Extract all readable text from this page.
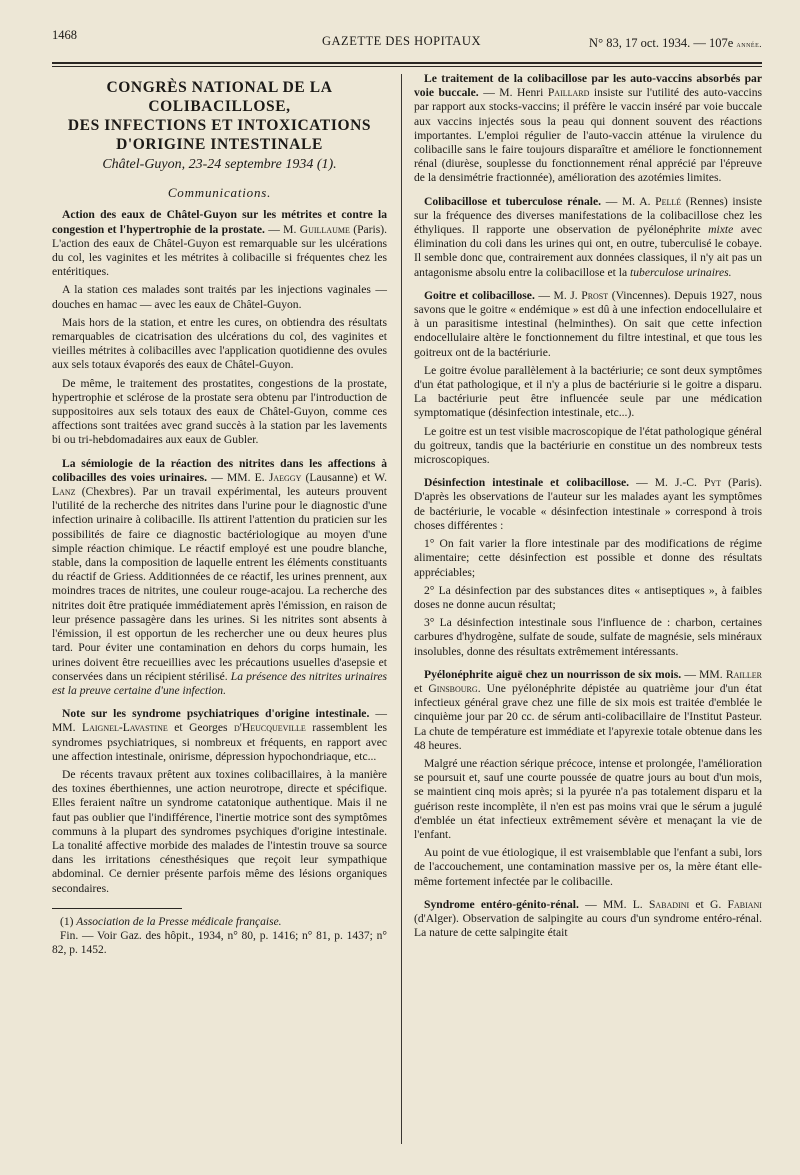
1468	GAZETTE DES HOPITAUX	N° 83, 17 oct. 1934. — 107e année.
CONGRÈS NATIONAL DE LA COLIBACILLOSE,
DES INFECTIONS ET INTOXICATIONS
D'ORIGINE INTESTINALE

Châtel-Guyon, 23-24 septembre 1934 (1).

Communications.

Action des eaux de Châtel-Guyon sur les métrites et contre la congestion et l'hypertrophie de la prostate. — M. Guillaume (Paris). L'action des eaux de Châtel-Guyon est remarquable sur les ulcérations du col, les vaginites et les métrites à colibacille si fréquentes chez les entéritiques.

A la station ces malades sont traités par les injections vaginales — douches en hamac — avec les eaux de Châtel-Guyon.

Mais hors de la station, et entre les cures, on obtiendra des résultats remarquables de cicatrisation des ulcérations du col, des vaginites et vieilles métrites à colibacilles avec l'application quotidienne des ovules aux sels totaux évaporés des eaux de Châtel-Guyon.

De même, le traitement des prostatites, congestions de la prostate, hypertrophie et sclérose de la prostate sera obtenu par l'introduction de suppositoires aux sels totaux des eaux de Châtel-Guyon, comme ces affections sont traitées avec grand succès à la station par les lavements bi ou tri-hebdomadaires aux eaux de Gubler.

La sémiologie de la réaction des nitrites dans les affections à colibacilles des voies urinaires. — MM. E. Jaeggy (Lausanne) et W. Lanz (Chexbres). Par un travail expérimental, les auteurs prouvent l'utilité de la recherche des nitrites dans l'urine pour le diagnostic d'une infection urinaire à colibacille. Ils attirent l'attention du praticien sur les possibilités de faire ce diagnostic bactériologique au moyen d'une simple réaction chimique. Le réactif employé est une poudre blanche, stable, dans la composition de laquelle entrent les éléments constituants du réactif de Griess. Additionnées de ce réactif, les urines prennent, aux moindres traces de nitrites, une couleur rouge-acajou. La recherche des nitrites doit être pratiquée immédiatement après l'émission, en raison de leur présence passagère dans les urines. Si les nitrites sont absents à l'émission, il est opportun de les rechercher une ou deux heures plus tard. Pour éviter une contamination en dehors du corps humain, les urines doivent être recueillies avec les précautions usuelles d'asepsie et conservées dans un récipient stérilisé. La présence des nitrites urinaires est la preuve certaine d'une infection.

Note sur les syndrome psychiatriques d'origine intestinale. — MM. Laignel-Lavastine et Georges d'Heucqueville rassemblent les syndromes psychiatriques, si nombreux et fréquents, en rapport avec une affection intestinale, onirisme, dépression hypochondriaque, etc...

De récents travaux prêtent aux toxines colibacillaires, à la manière des toxines éberthiennes, une action neurotrope, directe et spécifique. Elles feraient naître un syndrome catatonique authentique. Mais il ne faut pas oublier que l'indifférence, l'inertie motrice sont des symptômes communs à la plupart des syndromes psychiques d'origine intestinale. La tonalité affective morbide des malades de l'intestin trouve sa source dans les irritations cénesthésiques que reçoit leur sympathique abdominal. Ce dernier présente parfois même des lésions organiques secondaires.

(1) Association de la Presse médicale française.

Fin. — Voir Gaz. des hôpit., 1934, n° 80, p. 1416; n° 81, p. 1437; n° 82, p. 1452.

Le traitement de la colibacillose par les auto-vaccins absorbés par voie buccale. — M. Henri Paillard insiste sur l'utilité des auto-vaccins par rapport aux stocks-vaccins; il préfère le vaccin inséré par voie buccale aux vaccins injectés sous la peau qui donnent souvent des réactions importantes. L'emploi régulier de l'auto-vaccin atténue la virulence du colibacille sans le faire toujours disparaître et améliore le fonctionnement rénal (diurèse, souplesse du fonctionnement rénal apprécié par l'épreuve de la densimétrie fractionnée), amélioration des azotémies limites.

Colibacillose et tuberculose rénale. — M. A. Pellé (Rennes) insiste sur la fréquence des diverses manifestations de la colibacillose chez les éthyliques. Il rapporte une observation de pyélonéphrite mixte avec élimination du coli dans les urines qui ont, en outre, tuberculisé le cobaye. Il semble donc que, contrairement aux données classiques, il n'y ait pas un antagonisme absolu entre la colibacillose et la tuberculose urinaires.

Goitre et colibacillose. — M. J. Prost (Vincennes). Depuis 1927, nous savons que le goitre « endémique » est dû à une infection endocellulaire et à un parasitisme intestinal (helminthes). On sait que cette infection endocellulaire altère le fonctionnement du filtre intestinal, et que tous les goitreux ont de la bactériurie.

Le goitre évolue parallèlement à la bactériurie; ce sont deux symptômes d'un état pathologique, et il n'y a plus de bactériurie si le goitre a disparu. La bactériurie peut être influencée seule par une médication symptomatique (désinfection intestinale, etc...).

Le goitre est un test visible macroscopique de l'état pathologique général du goitreux, tandis que la bactériurie en constitue un des nombreux tests microscopiques.

Désinfection intestinale et colibacillose. — M. J.-C. Pyt (Paris). D'après les observations de l'auteur sur les malades ayant les symptômes de bactériurie, le vocable « désinfection intestinale » correspond à trois choses différentes :

1° On fait varier la flore intestinale par des modifications de régime alimentaire; cette désinfection est possible et donne des résultats appréciables;

2° La désinfection par des substances dites « antiseptiques », à faibles doses ne donne aucun résultat;

3° La désinfection intestinale sous l'influence de : charbon, certaines carbures d'hydrogène, sulfate de soude, sulfate de magnésie, sels minéraux insolubles, donne des résultats extrêmement intéressants.

Pyélonéphrite aiguë chez un nourrisson de six mois. — MM. Railler et Ginsbourg. Une pyélonéphrite dépistée au quatrième jour d'un état infectieux général grave chez une fille de six mois est traitée d'emblée le cinquième jour par 20 cc. de sérum anti-colibacillaire de l'Institut Pasteur. La chute de température est immédiate et l'apyrexie totale obtenue dans les 48 heures.

Malgré une réaction sérique précoce, intense et prolongée, l'amélioration se poursuit et, sauf une courte poussée de quatre jours au bout d'un mois, se maintient cinq mois après; si la pyurée n'a pas totalement disparu et la guérison reste incomplète, il n'en est pas moins vrai que le sérum a jugulé d'emblée un état infectieux extrêmement sévère et menaçant la vie de l'enfant.

Au point de vue étiologique, il est vraisemblable que l'enfant a subi, lors de l'accouchement, une contamination massive per os, la mère étant elle-même fortement infectée par le colibacille.

Syndrome entéro-génito-rénal. — MM. L. Sabadini et G. Fabiani (d'Alger). Observation de salpingite au cours d'un syndrome entéro-rénal. La nature de cette salpingite était
